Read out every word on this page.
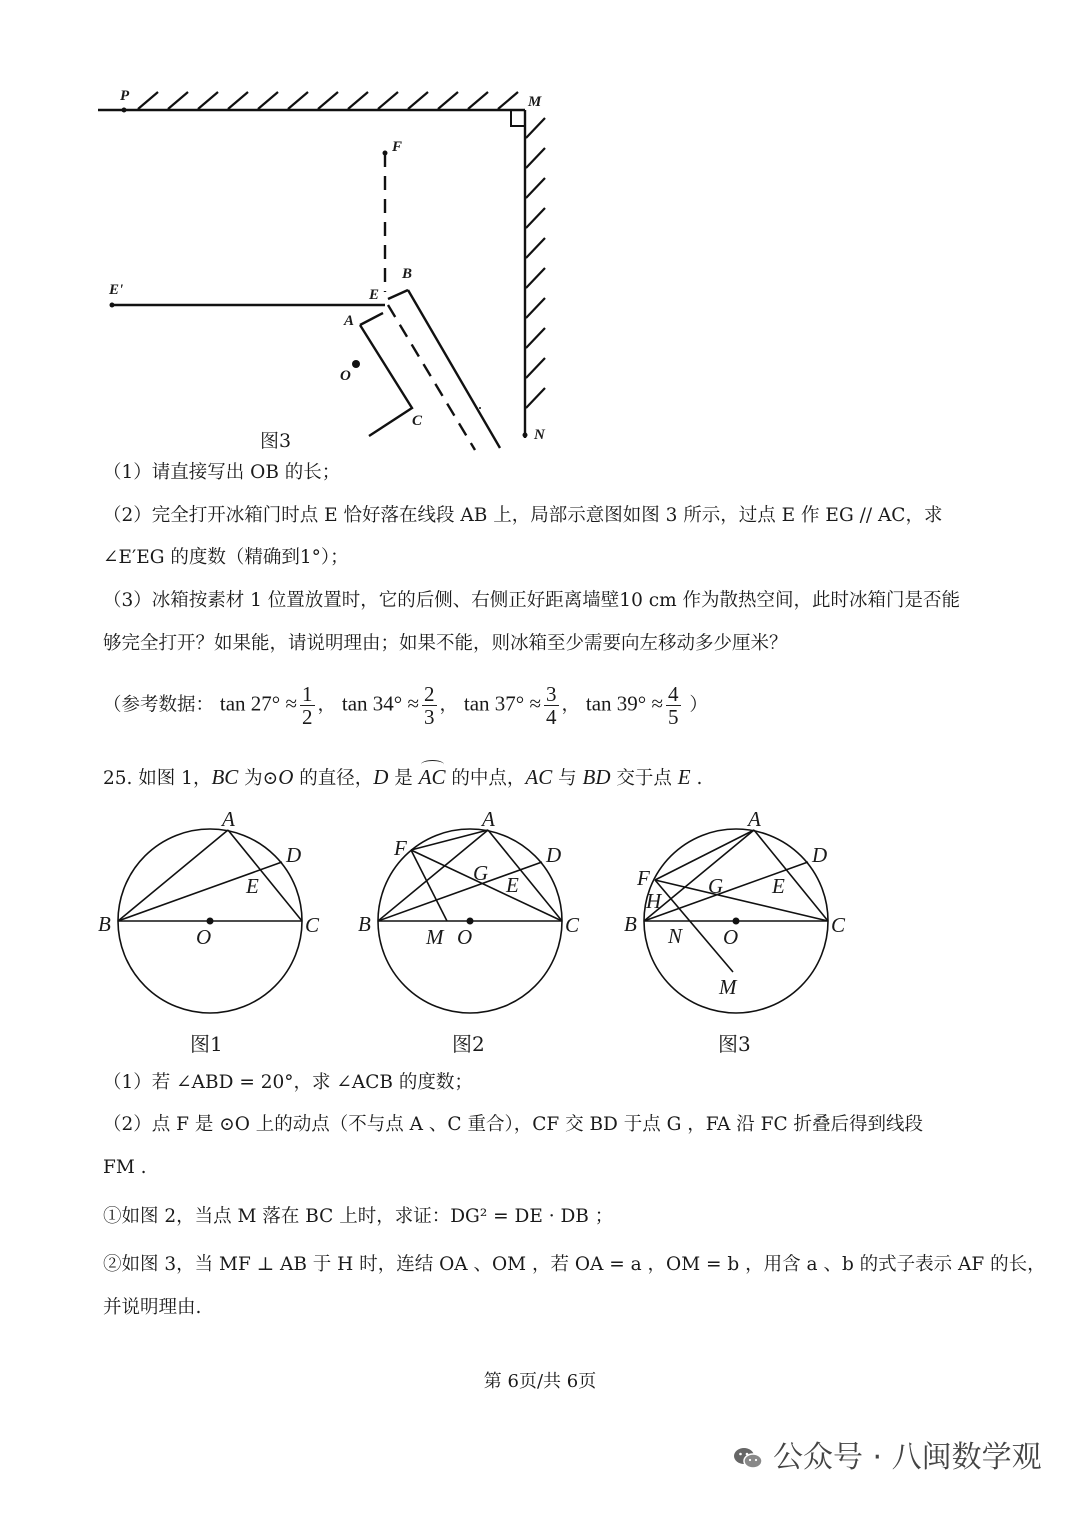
P	M
F
B
E'	E
A
O
C
N
图3
（1）请直接写出 OB 的长；
（2）完全打开冰箱门时点 E 恰好落在线段 AB 上，局部示意图如图 3 所示，过点 E 作 EG // AC，求
∠E′EG 的度数（精确到1°）；
（3）冰箱按素材 1 位置放置时，它的后侧、右侧正好距离墙壁10 cm 作为散热空间，此时冰箱门是否能
够完全打开？如果能，请说明理由；如果不能，则冰箱至少需要向左移动多少厘米？
（参考数据： $\tan 27^\circ \approx \frac{1}{2}$ ， $\tan 34^\circ \approx \frac{2}{3}$ ， $\tan 37^\circ \approx \frac{3}{4}$ ， $\tan 39^\circ \approx \frac{4}{5}$ ）
25. 如图 1，BC 为⊙O 的直径，D 是 AC 的中点，AC 与 BD 交于点 E .
A
D
E
B
O	C
图1
A
F	D
G E
B
M O	C
图2
A
D
F	G E
H
B N O	C
M
图3
（1）若 ∠ABD = 20°，求 ∠ACB 的度数；
（2）点 F 是 ⊙O 上的动点（不与点 A 、C 重合），CF 交 BD 于点 G ，FA 沿 FC 折叠后得到线段
FM .
①如图 2，当点 M 落在 BC 上时，求证：DG² = DE · DB ；
②如图 3，当 MF ⊥ AB 于 H 时，连结 OA 、OM ，若 OA = a ，OM = b ，用含 a 、b 的式子表示 AF 的长，
并说明理由.
第 6页/共 6页
公众号 · 八闽数学观
